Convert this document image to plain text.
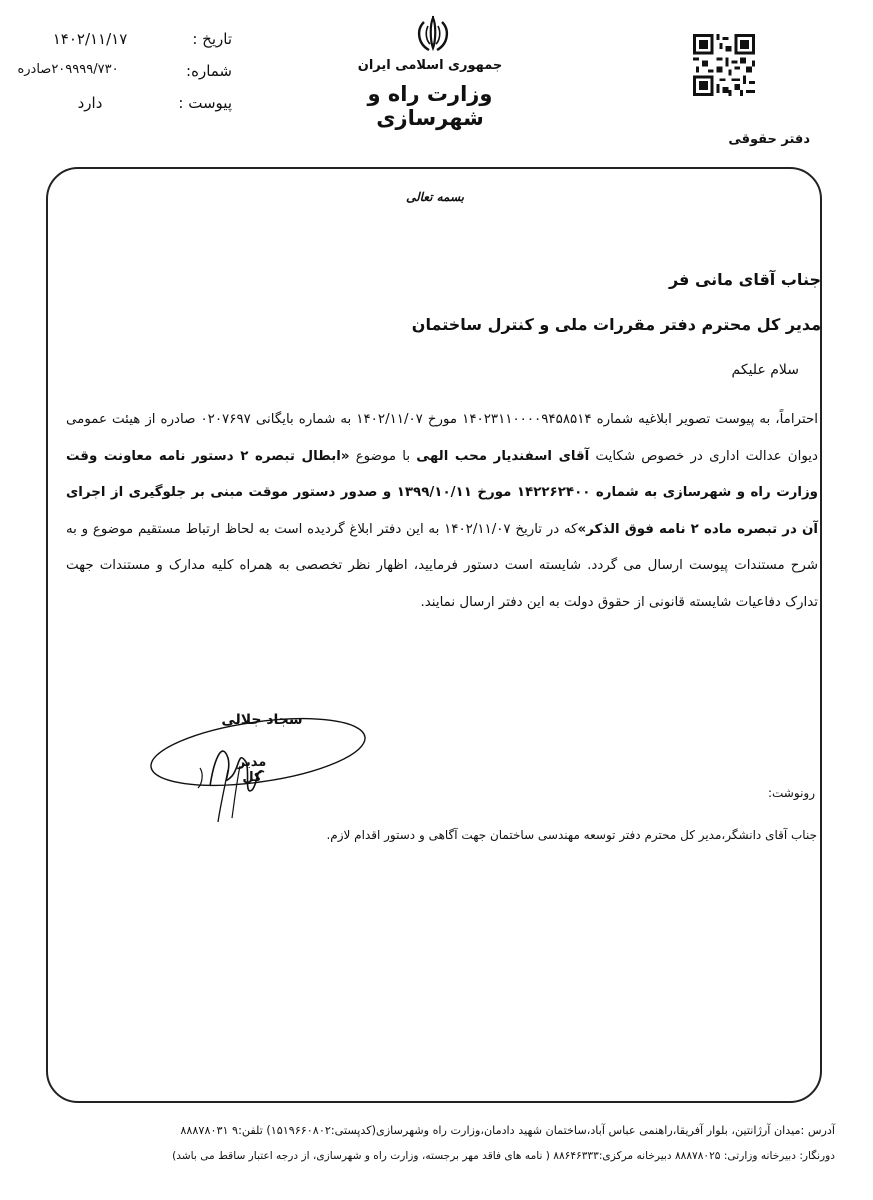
تاریخ :
۱۴۰۲/۱۱/۱۷
شماره:
۲۰۹۹۹۹/۷۳۰صادره
پیوست :
دارد
جمهوری اسلامی ایران
وزارت راه و شهرسازی
دفتر حقوقی
بسمه تعالی
جناب آقای مانی فر
مدیر کل محترم دفتر مقررات ملی و کنترل ساختمان
سلام علیکم
احتراماً، به پیوست تصویر ابلاغیه شماره ۱۴۰۲۳۱۱۰۰۰۰۹۴۵۸۵۱۴ مورخ ۱۴۰۲/۱۱/۰۷ به شماره بایگانی ۰۲۰۷۶۹۷ صادره از هیئت عمومی دیوان عدالت اداری در خصوص شکایت آقای اسفندیار محب الهی با موضوع «ابطال تبصره ۲ دستور نامه معاونت وقت وزارت راه و شهرسازی به شماره ۱۴۲۲۶۲۴۰۰ مورخ ۱۳۹۹/۱۰/۱۱ و صدور دستور موقت مبنی بر جلوگیری از اجرای آن در تبصره ماده ۲ نامه فوق الذکر»که در تاریخ ۱۴۰۲/۱۱/۰۷ به این دفتر ابلاغ گردیده است به لحاظ ارتباط مستقیم موضوع و به شرح مستندات پیوست ارسال می گردد. شایسته است دستور فرمایید، اظهار نظر تخصصی به همراه کلیه مدارک و مستندات جهت تدارک دفاعیات شایسته قانونی از حقوق دولت به این دفتر ارسال نمایند.
سجاد جلالی
مدیر کل
رونوشت:
جناب آقای دانشگر،مدیر کل محترم دفتر توسعه مهندسی ساختمان جهت آگاهی و دستور اقدام لازم.
آدرس :میدان آرژانتین، بلوار آفریقا،راهنمی عباس آباد،ساختمان شهید دادمان،وزارت راه وشهرسازی(کدپستی:۱۵۱۹۶۶۰۸۰۲) تلفن:۹ ۸۸۸۷۸۰۳۱
دورنگار: دبیرخانه وزارتی: ۸۸۸۷۸۰۲۵ دبیرخانه مرکزی:۸۸۶۴۶۳۳۳ ( نامه های فاقد مهر برجسته، وزارت راه و شهرسازی، از درجه اعتبار ساقط می باشد)
